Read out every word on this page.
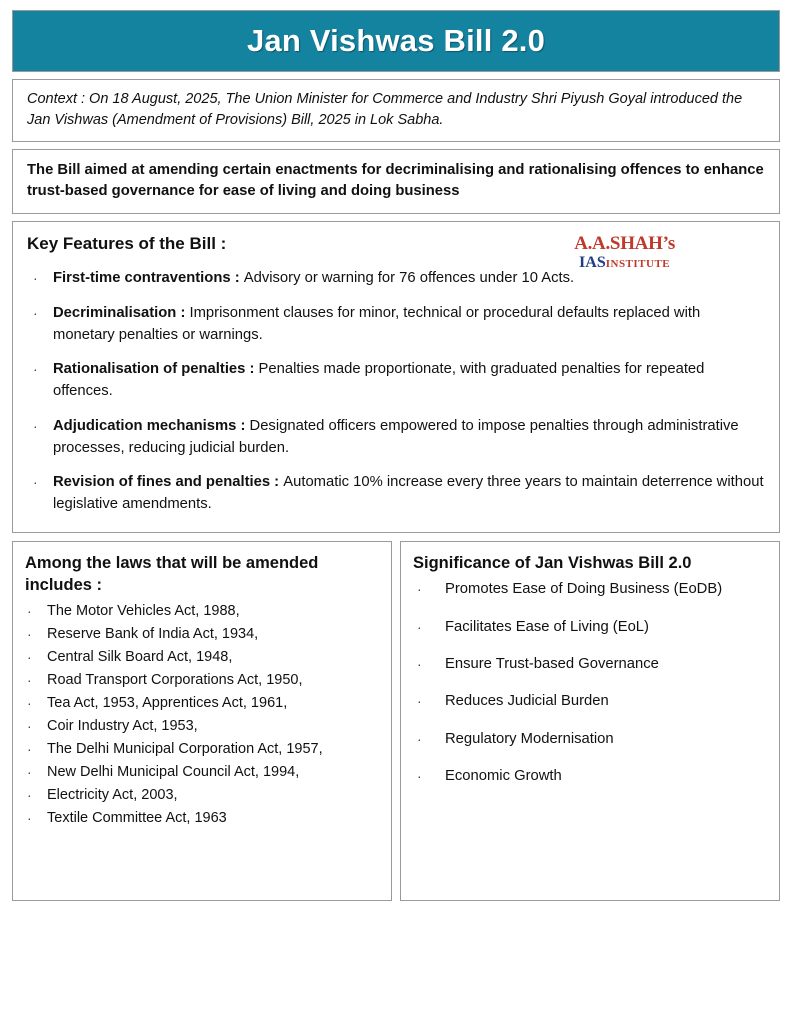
Jan Vishwas Bill 2.0
Context : On 18 August, 2025, The Union Minister for Commerce and Industry Shri Piyush Goyal introduced the Jan Vishwas (Amendment of Provisions) Bill, 2025 in Lok Sabha.
The Bill aimed at amending certain enactments for decriminalising and rationalising offences to enhance trust-based governance for ease of living and doing business
Key Features of the Bill :	A.A.SHAH’s
IASINSTITUTE
·	First-time contraventions : Advisory or warning for 76 offences under 10 Acts.
·	Decriminalisation : Imprisonment clauses for minor, technical or procedural defaults replaced with monetary penalties or warnings.
·	Rationalisation of penalties : Penalties made proportionate, with graduated penalties for repeated offences.
·	Adjudication mechanisms : Designated officers empowered to impose penalties through administrative processes, reducing judicial burden.
·	Revision of fines and penalties : Automatic 10% increase every three years to maintain deterrence without legislative amendments.
Among the laws that will be amended includes :
·	The Motor Vehicles Act, 1988,
·	Reserve Bank of India Act, 1934,
·	Central Silk Board Act, 1948,
·	Road Transport Corporations Act, 1950,
·	Tea Act, 1953, Apprentices Act, 1961,
·	Coir Industry Act, 1953,
·	The Delhi Municipal Corporation Act, 1957,
·	New Delhi Municipal Council Act, 1994,
·	Electricity Act, 2003,
·	Textile Committee Act, 1963
Significance of Jan Vishwas Bill 2.0
·	Promotes Ease of Doing Business (EoDB)
·	Facilitates Ease of Living (EoL)
·	Ensure Trust-based Governance
·	Reduces Judicial Burden
·	Regulatory Modernisation
·	Economic Growth
